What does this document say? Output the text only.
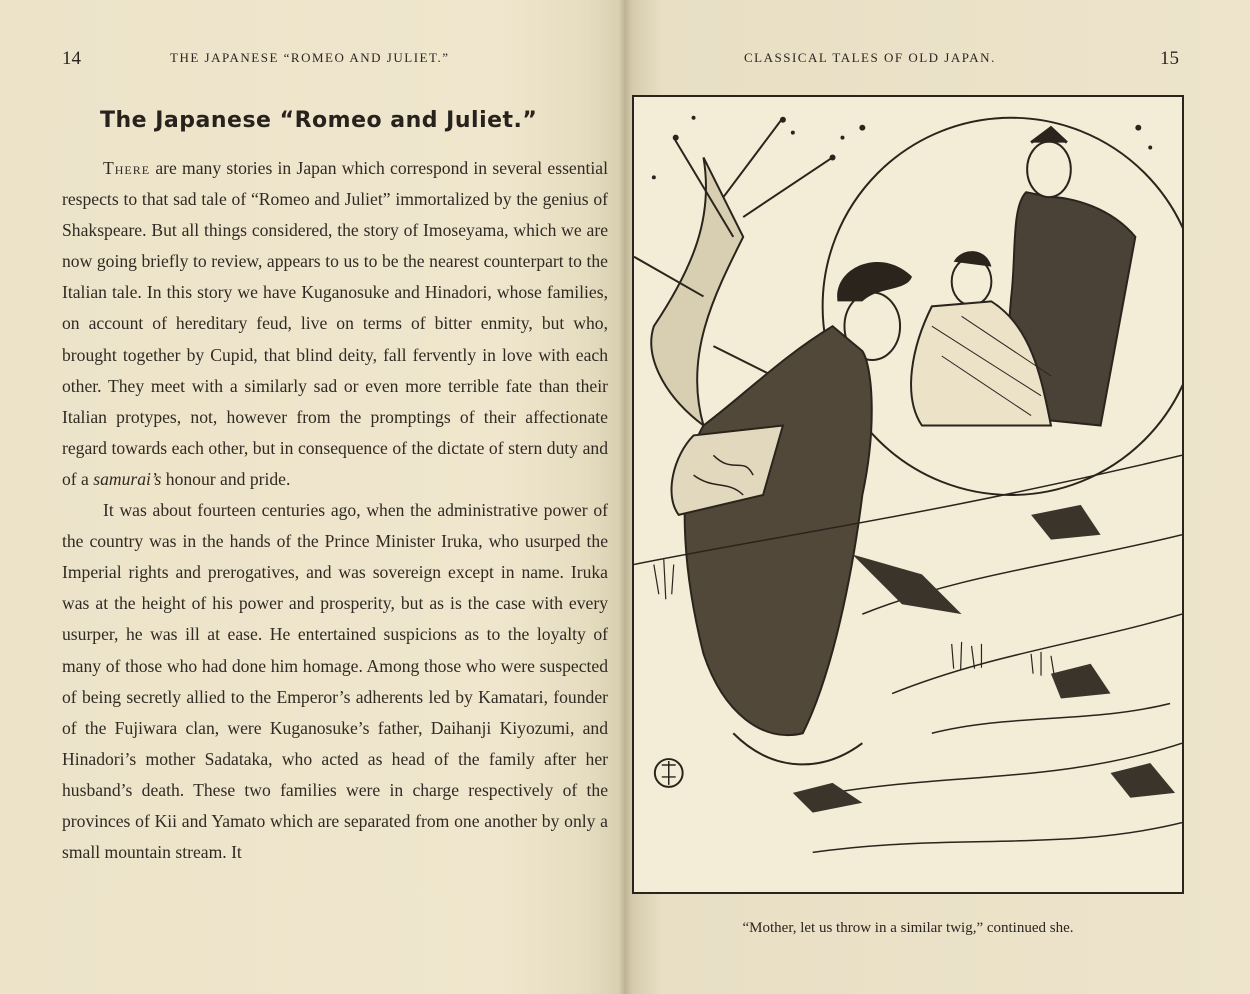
14	THE JAPANESE “ROMEO AND JULIET.”
The Japanese “Romeo and Juliet.”

There are many stories in Japan which correspond in several essential respects to that sad tale of “Romeo and Juliet” immortalized by the genius of Shakspeare. But all things considered, the story of Imoseyama, which we are now going briefly to review, appears to us to be the nearest counterpart to the Italian tale. In this story we have Kuganosuke and Hinadori, whose families, on account of hereditary feud, live on terms of bitter enmity, but who, brought together by Cupid, that blind deity, fall fervently in love with each other. They meet with a similarly sad or even more terrible fate than their Italian protypes, not, however from the promptings of their affectionate regard towards each other, but in consequence of the dictate of stern duty and of a samurai’s honour and pride.

It was about fourteen centuries ago, when the administrative power of the country was in the hands of the Prince Minister Iruka, who usurped the Imperial rights and prerogatives, and was sovereign except in name. Iruka was at the height of his power and prosperity, but as is the case with every usurper, he was ill at ease. He entertained suspicions as to the loyalty of many of those who had done him homage. Among those who were suspected of being secretly allied to the Emperor’s adherents led by Kamatari, founder of the Fujiwara clan, were Kuganosuke’s father, Daihanji Kiyozumi, and Hinadori’s mother Sadataka, who acted as head of the family after her husband’s death. These two families were in charge respectively of the provinces of Kii and Yamato which are separated from one another by only a small mountain stream. It

CLASSICAL TALES OF OLD JAPAN.	15
“Mother, let us throw in a similar twig,” continued she.
